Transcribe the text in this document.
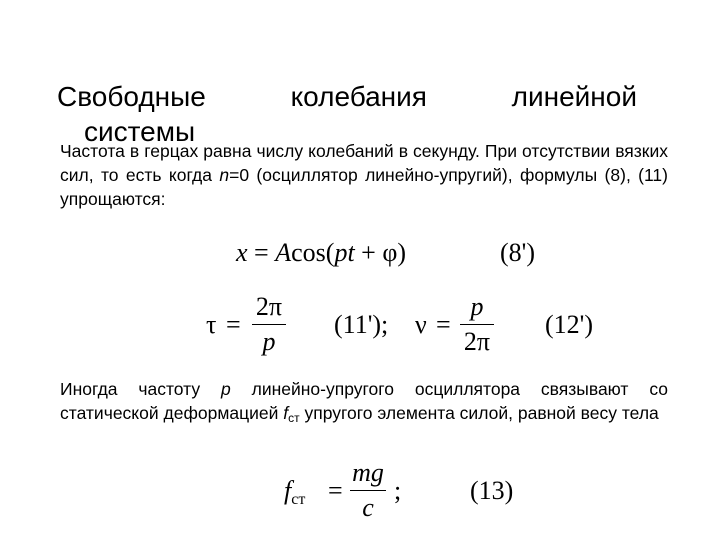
Свободные	колебания	линейной
системы
Частота в герцах равна числу колебаний в секунду. При отсутствии вязких сил, то есть когда n=0 (осциллятор линейно-упругий), формулы (8), (11) упрощаются:
x = Acos(pt + φ)	(8')
τ =
2π
p
(11'); ν =
p
2π
(12')
Иногда частоту p линейно-упругого осциллятора связывают со статической деформацией $f_{ст}$ упругого элемента силой, равной весу тела
fст =
mg
c
;	(13)
